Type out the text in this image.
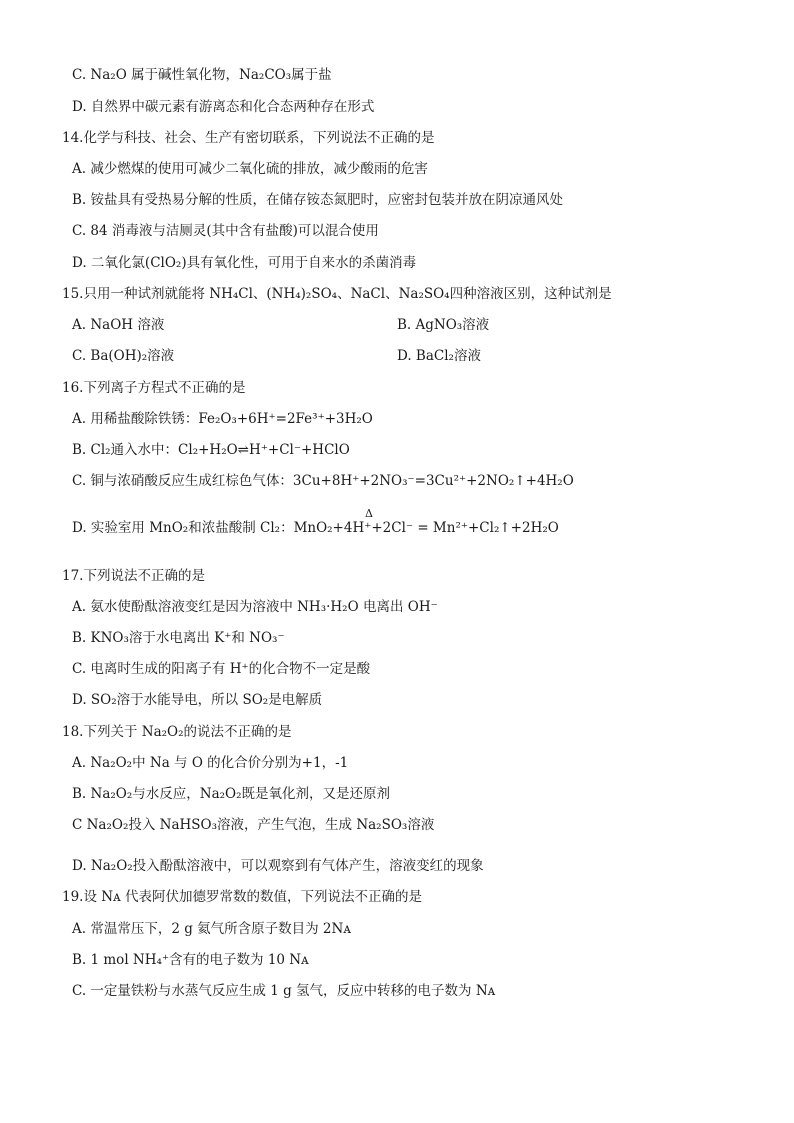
C. Na₂O 属于碱性氧化物，Na₂CO₃属于盐
D. 自然界中碳元素有游离态和化合态两种存在形式
14.化学与科技、社会、生产有密切联系，下列说法不正确的是
A. 减少燃煤的使用可减少二氧化硫的排放，减少酸雨的危害
B. 铵盐具有受热易分解的性质，在储存铵态氮肥时，应密封包装并放在阴凉通风处
C. 84 消毒液与洁厕灵(其中含有盐酸)可以混合使用
D. 二氧化氯(ClO₂)具有氧化性，可用于自来水的杀菌消毒
15.只用一种试剂就能将 NH₄Cl、(NH₄)₂SO₄、NaCl、Na₂SO₄四种溶液区别，这种试剂是
A. NaOH 溶液	B. AgNO₃溶液
C. Ba(OH)₂溶液	D. BaCl₂溶液
16.下列离子方程式不正确的是
A. 用稀盐酸除铁锈：Fe₂O₃+6H⁺=2Fe³⁺+3H₂O
B. Cl₂通入水中：Cl₂+H₂O⇌H⁺+Cl⁻+HClO
C. 铜与浓硝酸反应生成红棕色气体：3Cu+8H⁺+2NO₃⁻=3Cu²⁺+2NO₂↑+4H₂O
D. 实验室用 MnO₂和浓盐酸制 Cl₂：MnO₂+4H⁺+2Cl⁻ = Mn²⁺+Cl₂↑+2H₂O
Δ
17.下列说法不正确的是
A. 氨水使酚酞溶液变红是因为溶液中 NH₃·H₂O 电离出 OH⁻
B. KNO₃溶于水电离出 K⁺和 NO₃⁻
C. 电离时生成的阳离子有 H⁺的化合物不一定是酸
D. SO₂溶于水能导电，所以 SO₂是电解质
18.下列关于 Na₂O₂的说法不正确的是
A. Na₂O₂中 Na 与 O 的化合价分别为+1，-1
B. Na₂O₂与水反应，Na₂O₂既是氧化剂，又是还原剂
C Na₂O₂投入 NaHSO₃溶液，产生气泡，生成 Na₂SO₃溶液
D. Na₂O₂投入酚酞溶液中，可以观察到有气体产生，溶液变红的现象
19.设 Nᴀ 代表阿伏加德罗常数的数值，下列说法不正确的是
A. 常温常压下，2 g 氦气所含原子数目为 2Nᴀ
B. 1 mol NH₄⁺含有的电子数为 10 Nᴀ
C. 一定量铁粉与水蒸气反应生成 1 g 氢气，反应中转移的电子数为 Nᴀ
